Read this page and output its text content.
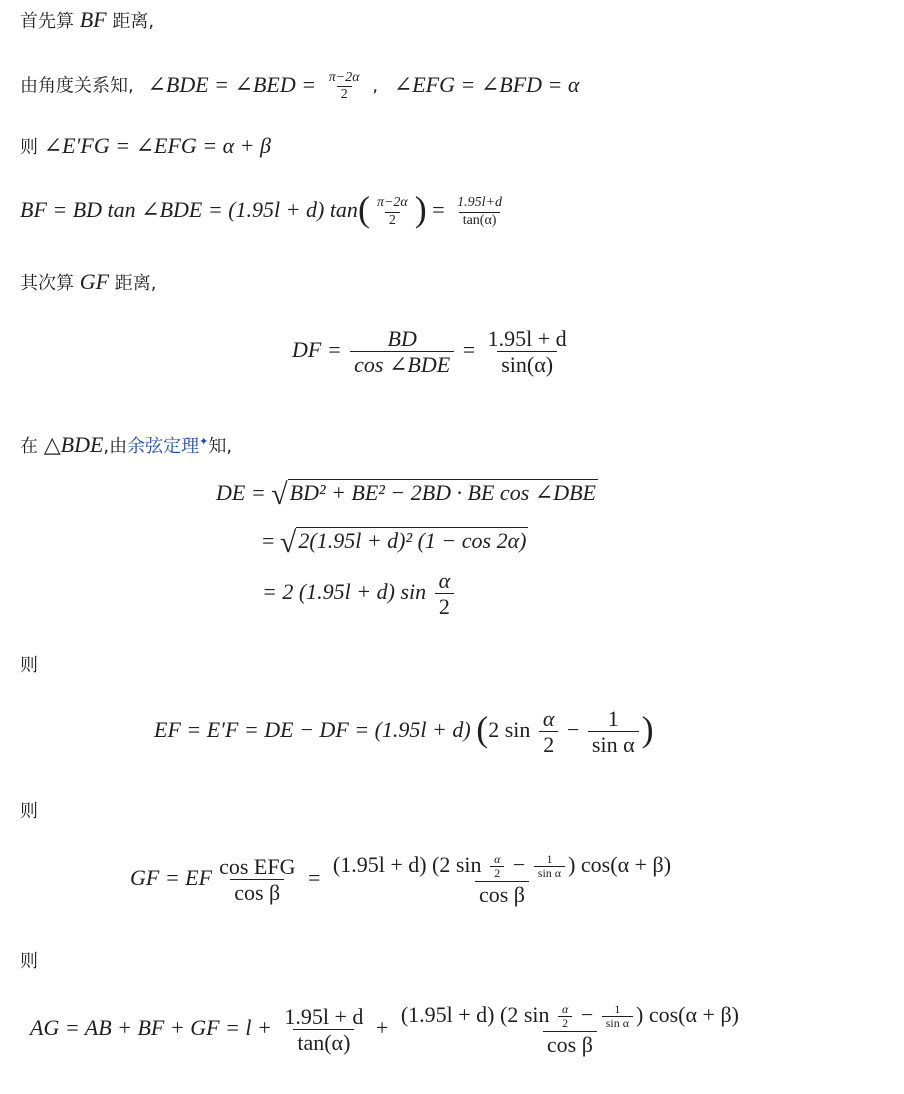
首先算 BF 距离,
由角度关系知, ∠BDE = ∠BED = $\frac{\pi-2\alpha}{2}$ , ∠EFG = ∠BFD = α
则 ∠E′FG = ∠EFG = α + β
BF = BD tan ∠BDE = (1.95l + d) $\tan( \frac{\pi-2\alpha}{2}$ ) = $\frac{1.95l+d}{\tan(\alpha)}$
其次算 GF 距离,
DF = $\frac{BD}{\text{cos ∠BDE}} = \frac{1.95l + d}{\sin(\alpha)}$
在 △BDE,由余弦定理✦知,
DE = √BD² + BE² − 2BD · BE cos ∠DBE
= √2(1.95l + d)² (1 − cos 2α)
= 2 (1.95l + d) $\sin \frac{\alpha}{2}$
则
EF = E′F = DE − DF = (1.95l + d) (2 $\sin \frac{\alpha}{2} - \frac{1}{\text{sin α}}$ )
则
GF = EF $\frac{\text{cos EFG}}{\text{cos β}}$ =
(1.95l + d) (2 $\sin \frac{\alpha}{2} - \frac{1}{\text{sin α}}$ ) cos(α + β)
cos β
则
AG = AB + BF + GF = $l + \frac{1.95l + d}{\tan(\alpha)}$ +
(1.95l + d) (2 $\sin \frac{\alpha}{2} - \frac{1}{\text{sin α}}$ ) cos(α + β)
cos β
